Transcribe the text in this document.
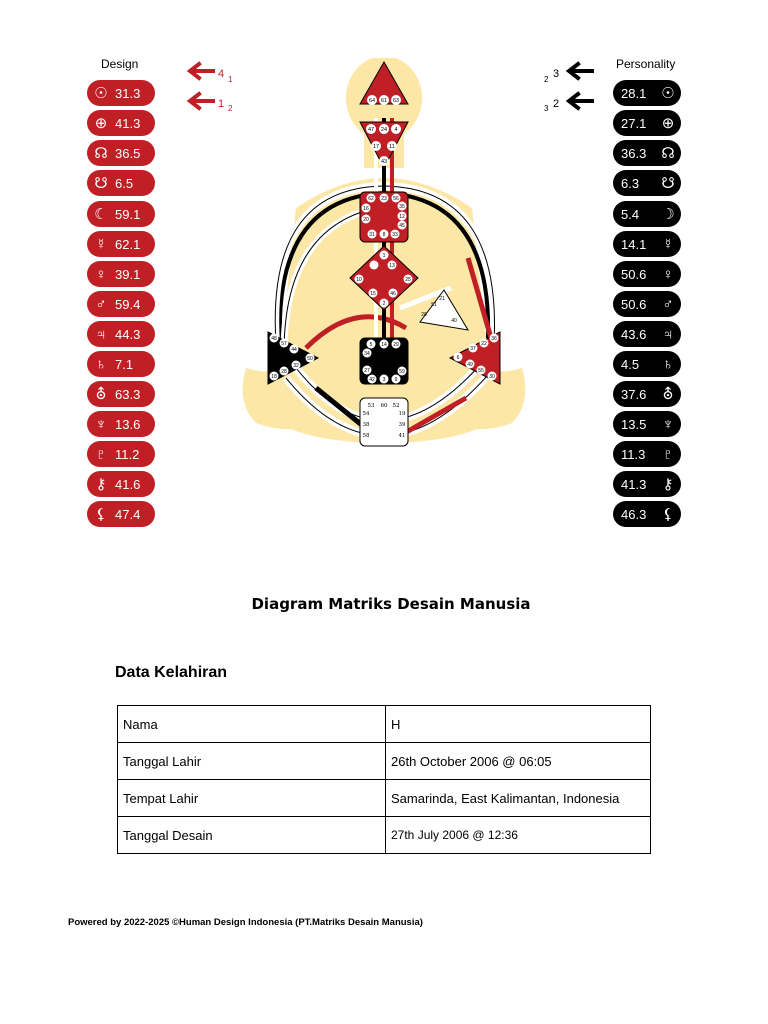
Design	Personality
☉ 31.3
⊕ 41.3
☊ 36.5
☋ 6.5
☾ 59.1
☿ 62.1
♀ 39.1
♂ 59.4
♃ 44.3
♄ 7.1
⛢ 63.3
♆ 13.6
♇ 11.2
⚷ 41.6
⚸ 47.4
28.1 ☉
27.1 ⊕
36.3 ☊
6.3 ☋
5.4 ☽
14.1 ☿
50.6 ♀
50.6 ♂
43.6 ♃
4.5 ♄
37.6 ⛢
13.5 ♆
11.3 ♇
41.3 ⚷
46.3 ⚸
4 1
1 2
2 3
3 2
64 61 63
47 24 4
17 11
43
62 23 56
16	35
20	12
45
31 8 33
1
13
10	25
15	46
2
21
51
26
40
5 14 29
34
27	59
42 3 9
48
57
44
50
32
28
18
36
22
37
6
49
55
30
53 60 52
54	19
38	39
58	41
Diagram Matriks Desain Manusia
Data Kelahiran
Nama	H
Tanggal Lahir	26th October 2006 @ 06:05
Tempat Lahir	Samarinda, East Kalimantan, Indonesia
Tanggal Desain	27th July 2006 @ 12:36
Powered by 2022-2025 ©Human Design Indonesia (PT.Matriks Desain Manusia)
